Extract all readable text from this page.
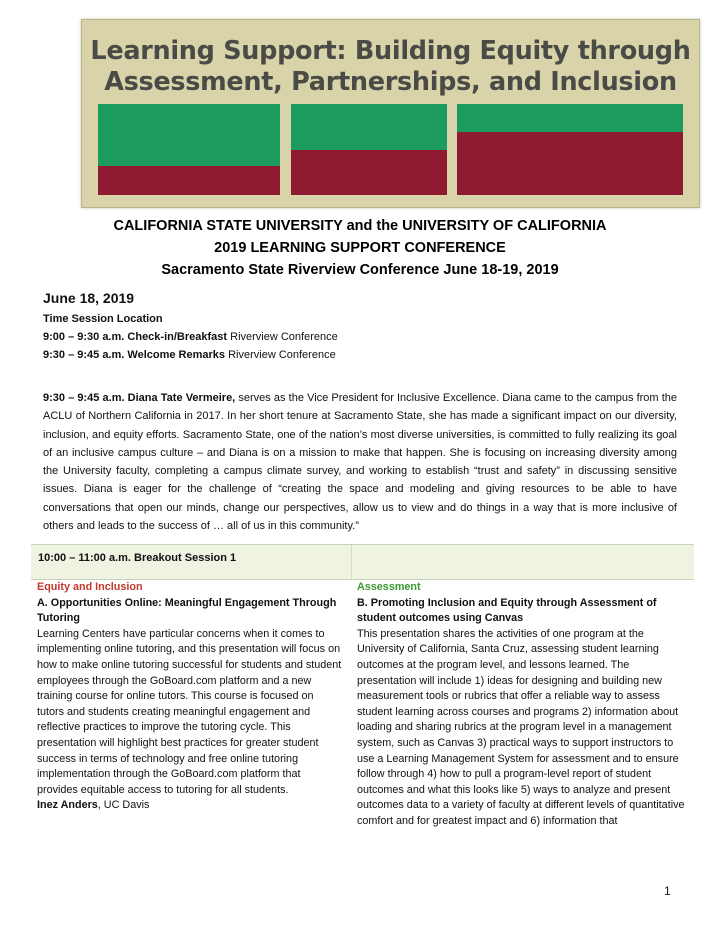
Learning Support: Building Equity through
Assessment, Partnerships, and Inclusion
CALIFORNIA STATE UNIVERSITY and the UNIVERSITY OF CALIFORNIA
2019 LEARNING SUPPORT CONFERENCE
Sacramento State Riverview Conference June 18-19, 2019
June 18, 2019
Time Session Location
9:00 – 9:30 a.m. Check-in/Breakfast Riverview Conference
9:30 – 9:45 a.m. Welcome Remarks Riverview Conference
9:30 – 9:45 a.m. Diana Tate Vermeire, serves as the Vice President for Inclusive Excellence. Diana came to the campus from the ACLU of Northern California in 2017. In her short tenure at Sacramento State, she has made a significant impact on our diversity, inclusion, and equity efforts. Sacramento State, one of the nation’s most diverse universities, is committed to fully realizing its goal of an inclusive campus culture – and Diana is on a mission to make that happen. She is focusing on increasing diversity among the University faculty, completing a campus climate survey, and working to establish “trust and safety” in discussing sensitive issues. Diana is eager for the challenge of “creating the space and modeling and giving resources to be able to have conversations that open our minds, change our perspectives, allow us to view and do things in a way that is more inclusive of others and leads to the success of … all of us in this community.”
10:00 – 11:00 a.m. Breakout Session 1

Equity and Inclusion

A. Opportunities Online: Meaningful Engagement Through Tutoring

Learning Centers have particular concerns when it comes to implementing online tutoring, and this presentation will focus on how to make online tutoring successful for students and student employees through the GoBoard.com platform and a new training course for online tutors. This course is focused on tutors and students creating meaningful engagement and reflective practices to improve the tutoring cycle. This presentation will highlight best practices for greater student success in terms of technology and free online tutoring implementation through the GoBoard.com platform that provides equitable access to tutoring for all students.

Inez Anders, UC Davis

Assessment

B. Promoting Inclusion and Equity through Assessment of student outcomes using Canvas

This presentation shares the activities of one program at the University of California, Santa Cruz, assessing student learning outcomes at the program level, and lessons learned. The presentation will include 1) ideas for designing and building new measurement tools or rubrics that offer a reliable way to assess student learning across courses and programs 2) information about loading and sharing rubrics at the program level in a management system, such as Canvas 3) practical ways to support instructors to use a Learning Management System for assessment and to ensure follow through 4) how to pull a program-level report of student outcomes and what this looks like 5) ways to analyze and present outcomes data to a variety of faculty at different levels of quantitative comfort and for greatest impact and 6) information that

1
